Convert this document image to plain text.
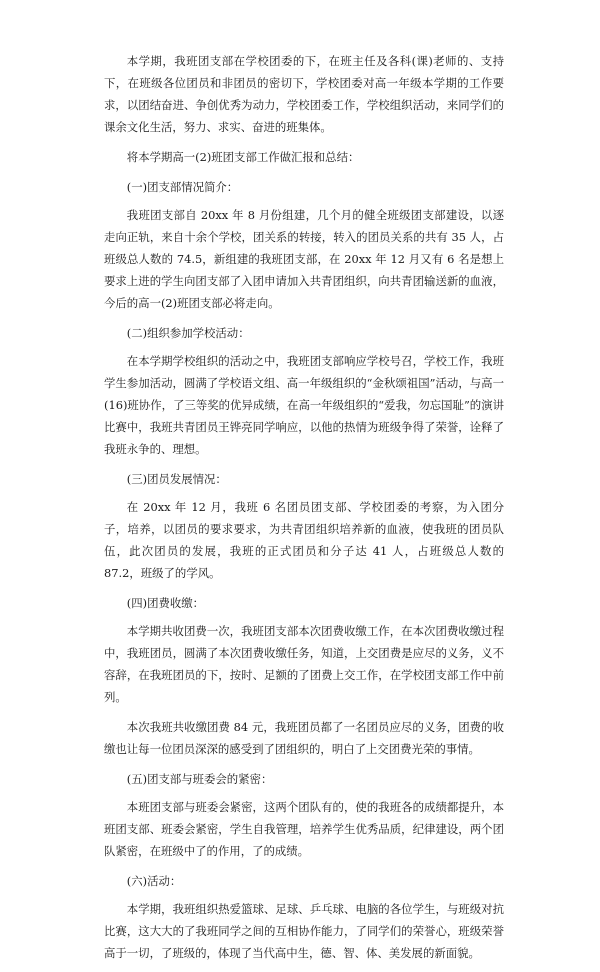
本学期，我班团支部在学校团委的下，在班主任及各科(课)老师的、支持下，在班级各位团员和非团员的密切下，学校团委对高一年级本学期的工作要求，以团结奋进、争创优秀为动力，学校团委工作，学校组织活动，来同学们的课余文化生活，努力、求实、奋进的班集体。

将本学期高一(2)班团支部工作做汇报和总结：

(一)团支部情况简介：

我班团支部自 20xx 年 8 月份组建，几个月的健全班级团支部建设，以逐走向正轨，来自十余个学校，团关系的转接，转入的团员关系的共有 35 人，占班级总人数的 74.5，新组建的我班团支部，在 20xx 年 12 月又有 6 名是想上要求上进的学生向团支部了入团申请加入共青团组织，向共青团输送新的血液，今后的高一(2)班团支部必将走向。

(二)组织参加学校活动：

在本学期学校组织的活动之中，我班团支部响应学校号召，学校工作，我班学生参加活动，圆满了学校语文组、高一年级组织的“金秋颂祖国”活动，与高一(16)班协作，了三等奖的优异成绩，在高一年级组织的“爱我，勿忘国耻”的演讲比赛中，我班共青团员王铧亮同学响应，以他的热情为班级争得了荣誉，诠释了我班永争的、理想。

(三)团员发展情况：

在 20xx 年 12 月，我班 6 名团员团支部、学校团委的考察，为入团分子，培养，以团员的要求要求，为共青团组织培养新的血液，使我班的团员队伍，此次团员的发展，我班的正式团员和分子达 41 人，占班级总人数的 87.2，班级了的学风。

(四)团费收缴：

本学期共收团费一次，我班团支部本次团费收缴工作，在本次团费收缴过程中，我班团员，圆满了本次团费收缴任务，知道，上交团费是应尽的义务，义不容辞，在我班团员的下，按时、足额的了团费上交工作，在学校团支部工作中前列。

本次我班共收缴团费 84 元，我班团员都了一名团员应尽的义务，团费的收缴也让每一位团员深深的感受到了团组织的，明白了上交团费光荣的事情。

(五)团支部与班委会的紧密：

本班团支部与班委会紧密，这两个团队有的，使的我班各的成绩都提升，本班团支部、班委会紧密，学生自我管理，培养学生优秀品质，纪律建设，两个团队紧密，在班级中了的作用，了的成绩。

(六)活动：

本学期，我班组织热爱篮球、足球、乒乓球、电脑的各位学生，与班级对抗比赛，这大大的了我班同学之间的互相协作能力，了同学们的荣誉心，班级荣誉高于一切，了班级的，体现了当代高中生，德、智、体、美发展的新面貌。
